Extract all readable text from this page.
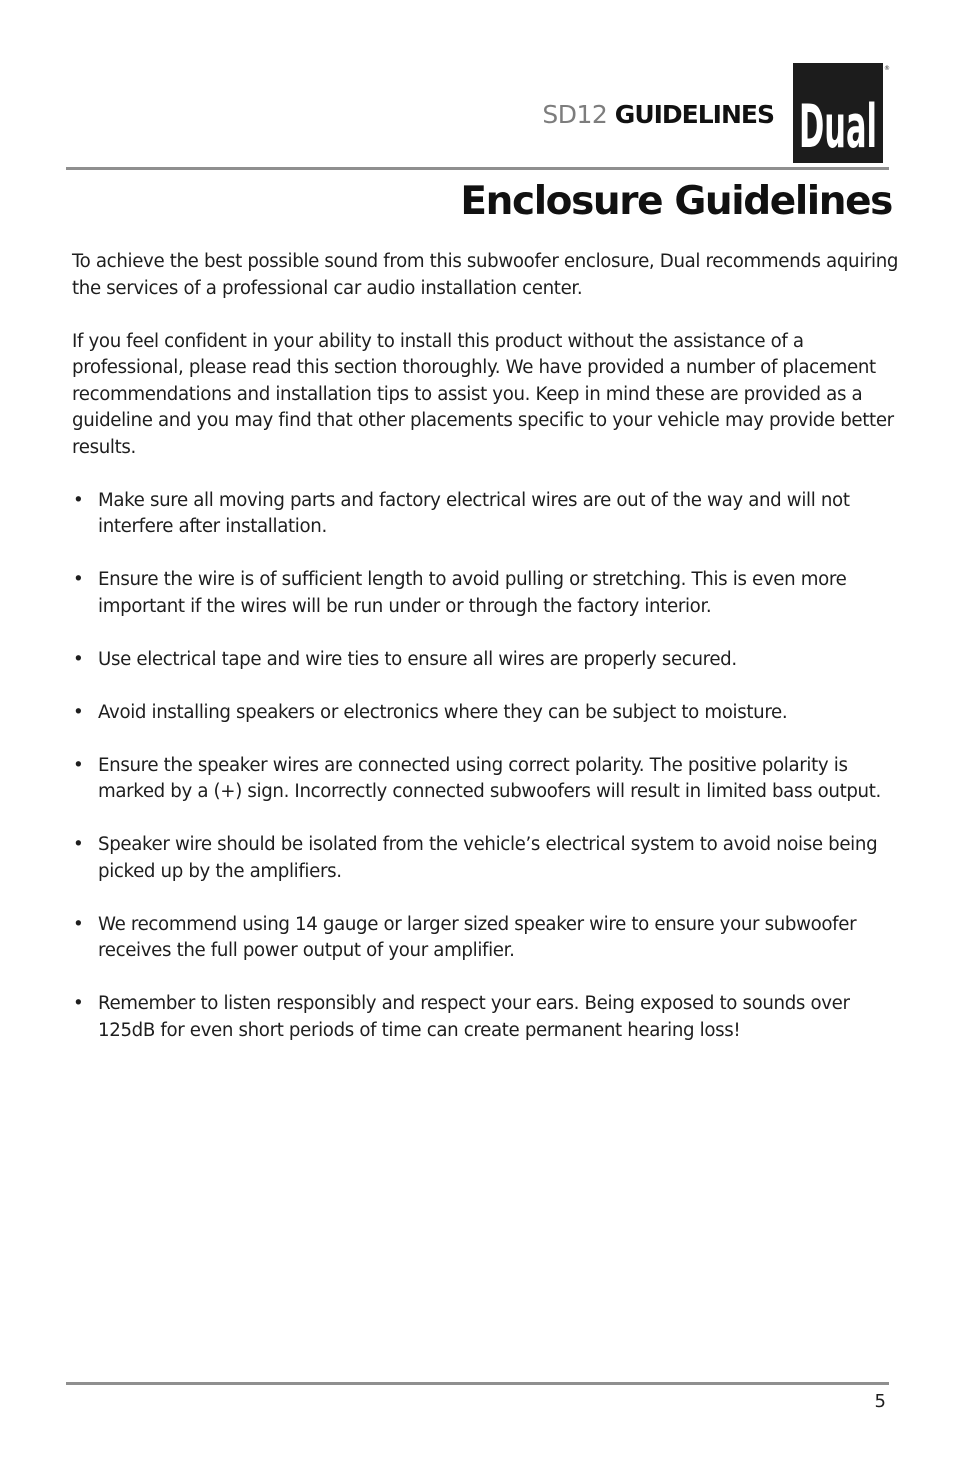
SD12 GUIDELINES Dual
®
Enclosure Guidelines

To achieve the best possible sound from this subwoofer enclosure, Dual recommends aquiring the services of a professional car audio installation center.

If you feel confident in your ability to install this product without the assistance of a professional, please read this section thoroughly. We have provided a number of placement recommendations and installation tips to assist you. Keep in mind these are provided as a guideline and you may find that other placements specific to your vehicle may provide better results.

• Make sure all moving parts and factory electrical wires are out of the way and will not interfere after installation.
• Ensure the wire is of sufficient length to avoid pulling or stretching. This is even more important if the wires will be run under or through the factory interior.
• Use electrical tape and wire ties to ensure all wires are properly secured.
• Avoid installing speakers or electronics where they can be subject to moisture.
• Ensure the speaker wires are connected using correct polarity. The positive polarity is marked by a (+) sign. Incorrectly connected subwoofers will result in limited bass output.
• Speaker wire should be isolated from the vehicle’s electrical system to avoid noise being picked up by the amplifiers.
• We recommend using 14 gauge or larger sized speaker wire to ensure your subwoofer receives the full power output of your amplifier.
• Remember to listen responsibly and respect your ears. Being exposed to sounds over 125dB for even short periods of time can create permanent hearing loss!
5
